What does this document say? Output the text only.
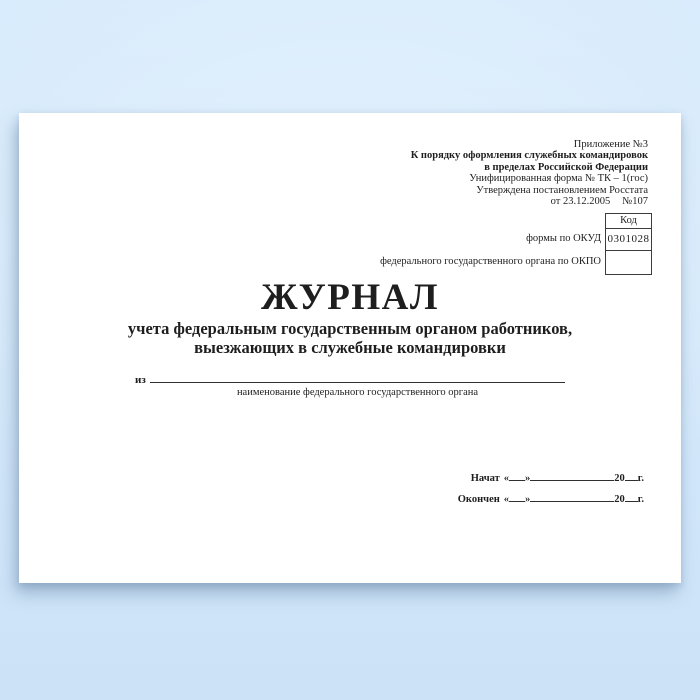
Приложение №3
К порядку оформления служебных командировок
в пределах Российской Федерации
Унифицированная форма № ТК – 1(гос)
Утверждена постановлением Росстата
от 23.12.2005 №107
формы по ОКУД
федерального государственного органа по ОКПО
Код
0301028
ЖУРНАЛ
учета федеральным государственным органом работников,
выезжающих в служебные командировки
из
наименование федерального государственного органа
Начат « »	20 г.
Окончен « »	20 г.
